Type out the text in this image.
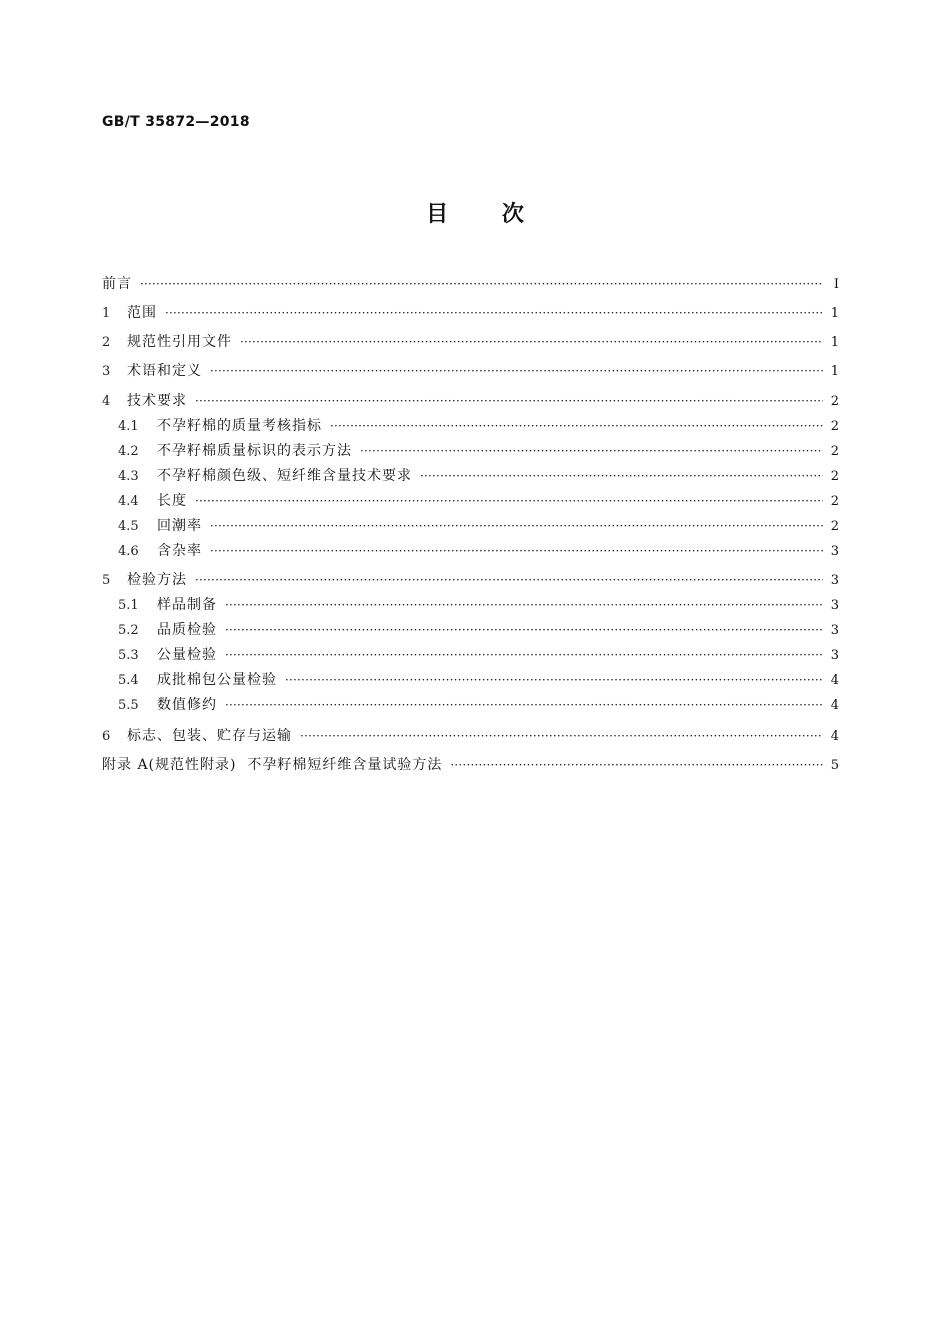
GB/T 35872—2018
目 次
前言 ·····	Ⅰ
1	范围 ·····	1
2	规范性引用文件 ·····	1
3	术语和定义 ·····	1
4	技术要求 ·····	2
4.1	不孕籽棉的质量考核指标 ·····	2
4.2	不孕籽棉质量标识的表示方法 ·····	2
4.3	不孕籽棉颜色级、短纤维含量技术要求 ·····	2
4.4	长度 ·····	2
4.5	回潮率 ·····	2
4.6	含杂率 ·····	3
5	检验方法 ·····	3
5.1	样品制备 ·····	3
5.2	品质检验 ·····	3
5.3	公量检验 ·····	3
5.4	成批棉包公量检验 ·····	4
5.5	数值修约 ·····	4
6	标志、包装、贮存与运输 ·····	4
附录 A(规范性附录)  不孕籽棉短纤维含量试验方法 ·····	5
